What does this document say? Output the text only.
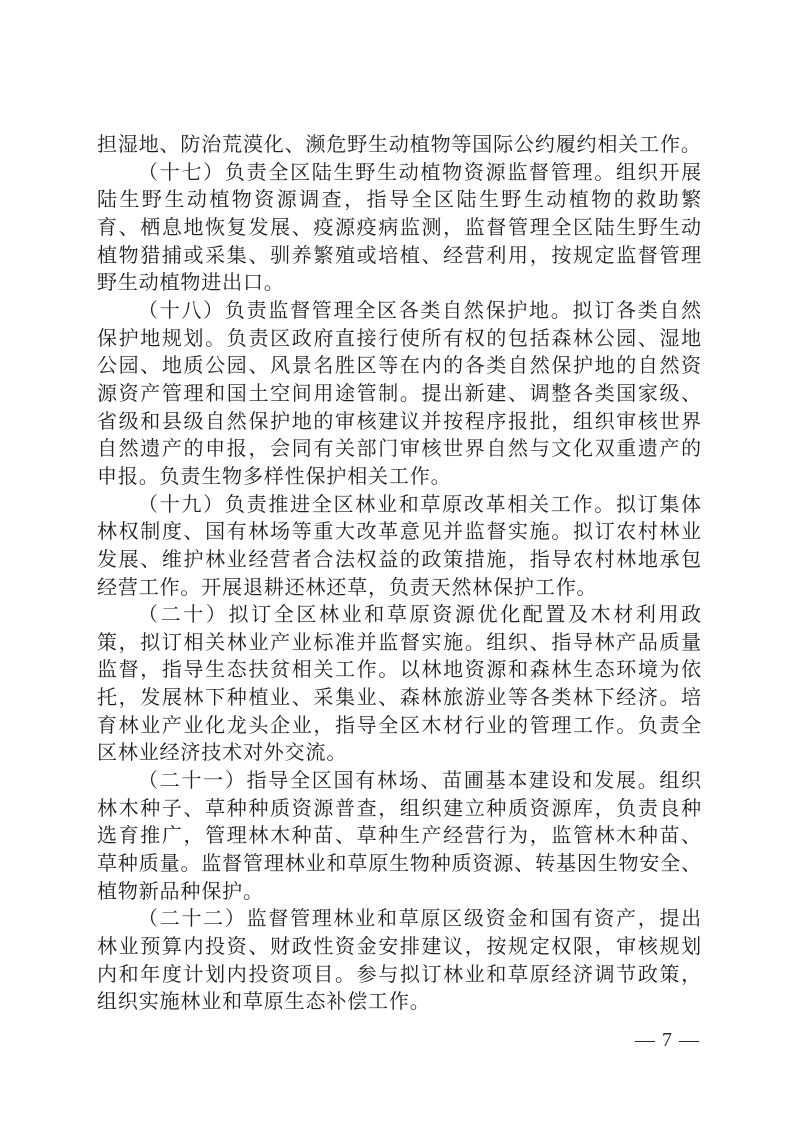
担湿地、防治荒漠化、濒危野生动植物等国际公约履约相关工作。
（十七）负责全区陆生野生动植物资源监督管理。组织开展
陆生野生动植物资源调查，指导全区陆生野生动植物的救助繁
育、栖息地恢复发展、疫源疫病监测，监督管理全区陆生野生动
植物猎捕或采集、驯养繁殖或培植、经营利用，按规定监督管理
野生动植物进出口。
（十八）负责监督管理全区各类自然保护地。拟订各类自然
保护地规划。负责区政府直接行使所有权的包括森林公园、湿地
公园、地质公园、风景名胜区等在内的各类自然保护地的自然资
源资产管理和国土空间用途管制。提出新建、调整各类国家级、
省级和县级自然保护地的审核建议并按程序报批，组织审核世界
自然遗产的申报，会同有关部门审核世界自然与文化双重遗产的
申报。负责生物多样性保护相关工作。
（十九）负责推进全区林业和草原改革相关工作。拟订集体
林权制度、国有林场等重大改革意见并监督实施。拟订农村林业
发展、维护林业经营者合法权益的政策措施，指导农村林地承包
经营工作。开展退耕还林还草，负责天然林保护工作。
（二十）拟订全区林业和草原资源优化配置及木材利用政
策，拟订相关林业产业标准并监督实施。组织、指导林产品质量
监督，指导生态扶贫相关工作。以林地资源和森林生态环境为依
托，发展林下种植业、采集业、森林旅游业等各类林下经济。培
育林业产业化龙头企业，指导全区木材行业的管理工作。负责全
区林业经济技术对外交流。
（二十一）指导全区国有林场、苗圃基本建设和发展。组织
林木种子、草种种质资源普查，组织建立种质资源库，负责良种
选育推广，管理林木种苗、草种生产经营行为，监管林木种苗、
草种质量。监督管理林业和草原生物种质资源、转基因生物安全、
植物新品种保护。
（二十二）监督管理林业和草原区级资金和国有资产，提出
林业预算内投资、财政性资金安排建议，按规定权限，审核规划
内和年度计划内投资项目。参与拟订林业和草原经济调节政策，
组织实施林业和草原生态补偿工作。
— 7 —
